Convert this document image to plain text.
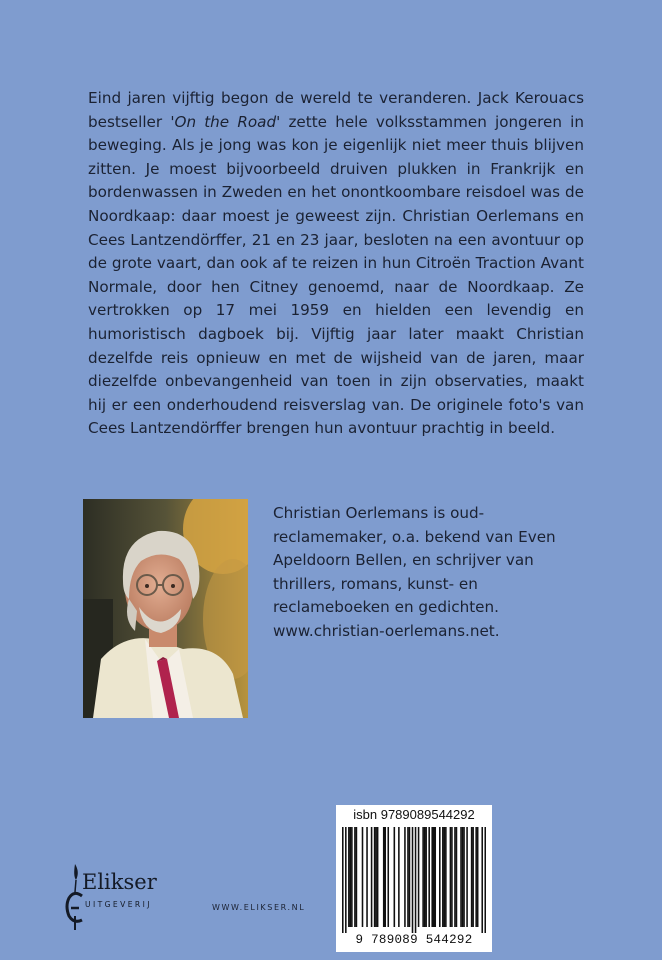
Eind jaren vijftig begon de wereld te veranderen. Jack Kerouacs bestseller 'On the Road' zette hele volksstammen jongeren in beweging. Als je jong was kon je eigenlijk niet meer thuis blijven zitten. Je moest bijvoorbeeld druiven plukken in Frankrijk en bordenwassen in Zweden en het onontkoombare reisdoel was de Noordkaap: daar moest je geweest zijn. Christian Oerlemans en Cees Lantzendörffer, 21 en 23 jaar, besloten na een avontuur op de grote vaart, dan ook af te reizen in hun Citroën Traction Avant Normale, door hen Citney genoemd, naar de Noordkaap. Ze vertrokken op 17 mei 1959 en hielden een levendig en humoristisch dagboek bij. Vijftig jaar later maakt Christian dezelfde reis opnieuw en met de wijsheid van de jaren, maar diezelfde onbevangenheid van toen in zijn observaties, maakt hij er een onderhoudend reisverslag van. De originele foto's van Cees Lantzendörffer brengen hun avontuur prachtig in beeld.

Christian Oerlemans is oud-reclamemaker, o.a. bekend van Even Apeldoorn Bellen, en schrijver van thrillers, romans, kunst- en reclameboeken en gedichten. www.christian-oerlemans.net.

isbn 9789089544292
9 789089 544292
Elikser
UITGEVERIJ	WWW.ELIKSER.NL
